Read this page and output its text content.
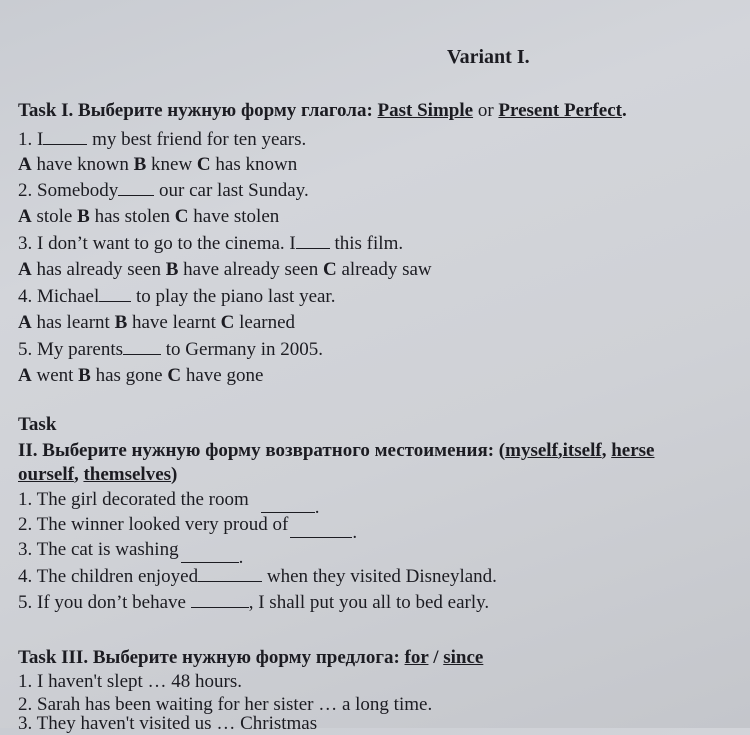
Variant I.
Task I. Выберите нужную форму глагола: Past Simple or Present Perfect.
1. I my best friend for ten years.
A have known B knew C has known
2. Somebody our car last Sunday.
A stole B has stolen C have stolen
3. I don’t want to go to the cinema. I this film.
A has already seen B have already seen C already saw
4. Michael to play the piano last year.
A has learnt B have learnt C learned
5. My parents to Germany in 2005.
A went B has gone C have gone
Task
II. Выберите нужную форму возвратного местоимения: (myself,itself, herse
ourself, themselves)
1. The girl decorated the room	.
2. The winner looked very proud of	.
3. The cat is washing	.
4. The children enjoyed	when they visited Disneyland.
5. If you don’t behave	, I shall put you all to bed early.
Task III. Выберите нужную форму предлога: for / since
1. I haven't slept … 48 hours.
2. Sarah has been waiting for her sister … a long time.
3. They haven't visited us … Christmas
